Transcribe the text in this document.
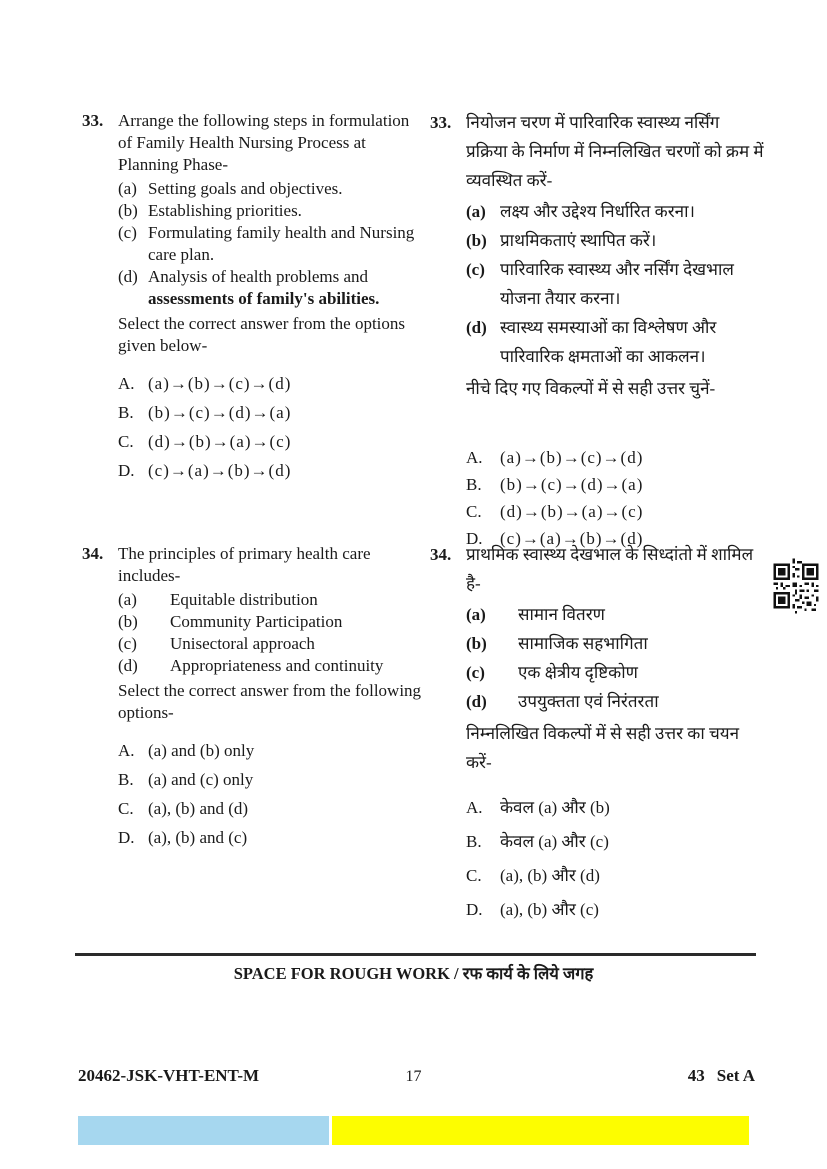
33. Arrange the following steps in formulation of Family Health Nursing Process at Planning Phase-

(a) Setting goals and objectives.
(b) Establishing priorities.
(c) Formulating family health and Nursing care plan.
(d) Analysis of health problems and assessments of family's abilities.

Select the correct answer from the options given below-

A. (a)→(b)→(c)→(d)
B. (b)→(c)→(d)→(a)
C. (d)→(b)→(a)→(c)
D. (c)→(a)→(b)→(d)
34. The principles of primary health care includes-

(a)	Equitable distribution
(b)	Community Participation
(c)	Unisectoral approach
(d)	Appropriateness and continuity

Select the correct answer from the following options-

A. (a) and (b) only
B. (a) and (c) only
C. (a), (b) and (d)
D. (a), (b) and (c)
33. नियोजन चरण में पारिवारिक स्वास्थ्य नर्सिंग प्रक्रिया के निर्माण में निम्नलिखित चरणों को क्रम में व्यवस्थित करें-

(a) लक्ष्य और उद्देश्य निर्धारित करना।
(b) प्राथमिकताएं स्थापित करें।
(c) पारिवारिक स्वास्थ्य और नर्सिंग देखभाल योजना तैयार करना।
(d) स्वास्थ्य समस्याओं का विश्लेषण और पारिवारिक क्षमताओं का आकलन।

नीचे दिए गए विकल्पों में से सही उत्तर चुनें-

A.	(a)→(b)→(c)→(d)
B.	(b)→(c)→(d)→(a)
C.	(d)→(b)→(a)→(c)
D.	(c)→(a)→(b)→(d)
34. प्राथमिक स्वास्थ्य देखभाल के सिध्दांतो में शामिल है-

(a)	सामान वितरण
(b)	सामाजिक सहभागिता
(c)	एक क्षेत्रीय दृष्टिकोण
(d)	उपयुक्तता एवं निरंतरता

निम्नलिखित विकल्पों में से सही उत्तर का चयन करें-

A.	केवल (a) और (b)
B.	केवल (a) और (c)
C.	(a), (b) और (d)
D.	(a), (b) और (c)
SPACE FOR ROUGH WORK / रफ कार्य के लिये जगह
20462-JSK-VHT-ENT-M	17	43 Set A
